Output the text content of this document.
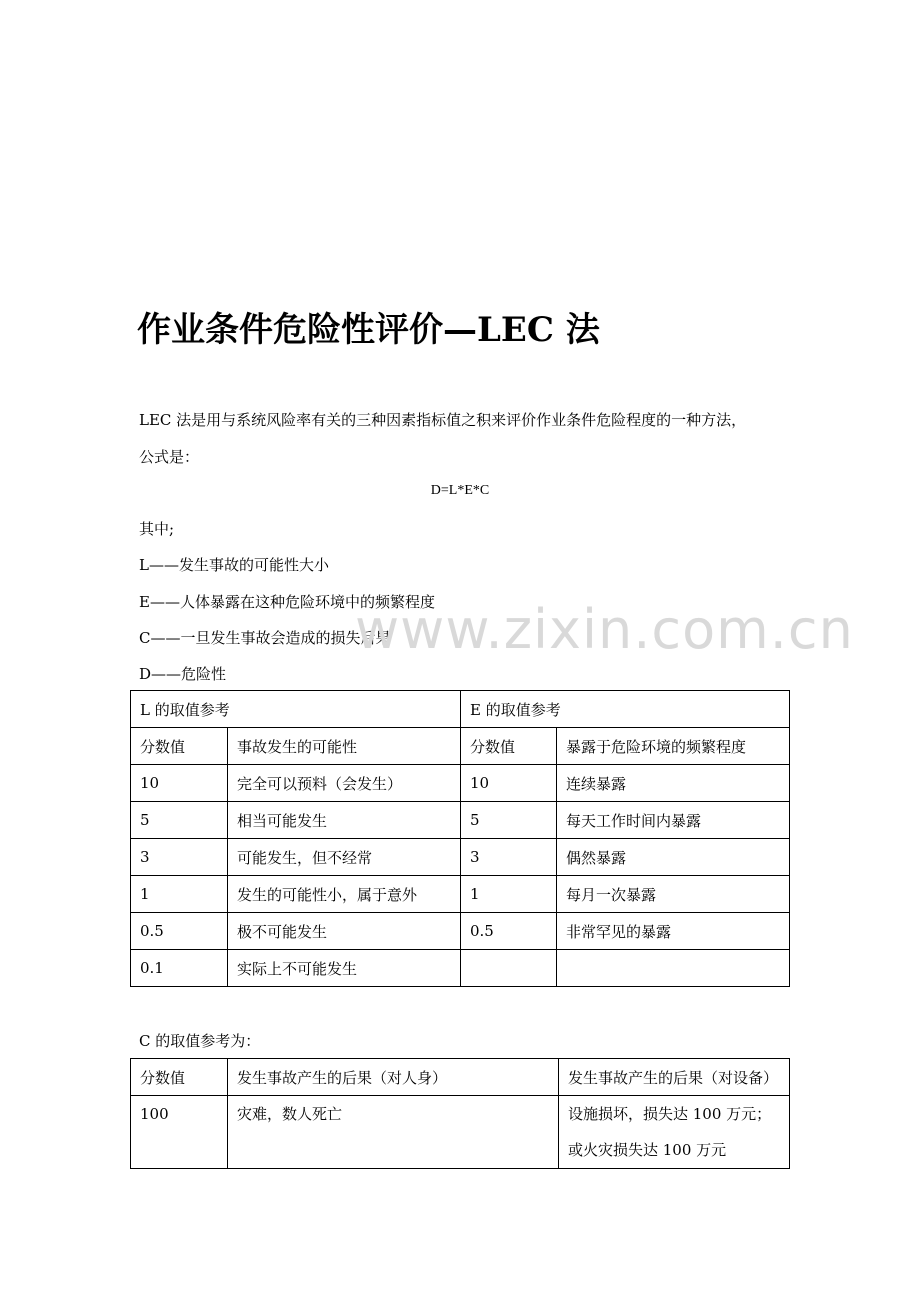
作业条件危险性评价—LEC 法
LEC 法是用与系统风险率有关的三种因素指标值之积来评价作业条件危险程度的一种方法，
公式是：
D=L*E*C
其中;
L——发生事故的可能性大小
E——人体暴露在这种危险环境中的频繁程度
C——一旦发生事故会造成的损失后果
D——危险性
L 的取值参考		E 的取值参考	
分数值	事故发生的可能性	分数值	暴露于危险环境的频繁程度
10	完全可以预料（会发生）	10	连续暴露
5	相当可能发生	5	每天工作时间内暴露
3	可能发生，但不经常	3	偶然暴露
1	发生的可能性小，属于意外	1	每月一次暴露
0.5	极不可能发生	0.5	非常罕见的暴露
0.1	实际上不可能发生		
C 的取值参考为：
分数值	发生事故产生的后果（对人身）	发生事故产生的后果（对设备）

100	灾难，数人死亡	设施损坏，损失达 100 万元；
或火灾损失达 100 万元
www.zixin.com.cn
